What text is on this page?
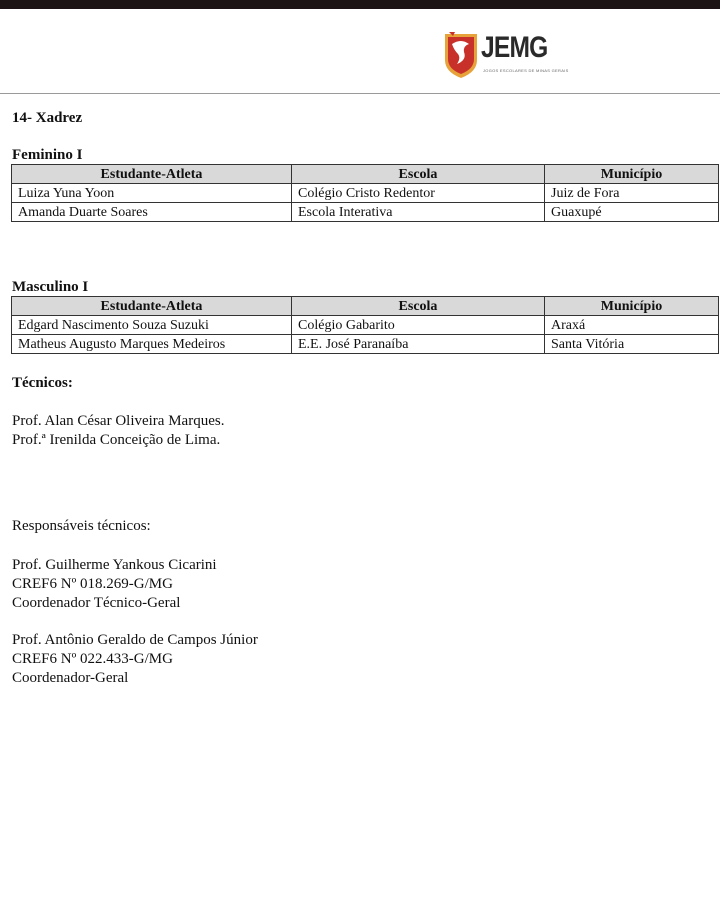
JEMG
JOGOS ESCOLARES DE MINAS GERAIS
14- Xadrez
Feminino I
Estudante-Atleta	Escola	Município
Luiza Yuna Yoon	Colégio Cristo Redentor	Juiz de Fora
Amanda Duarte Soares	Escola Interativa	Guaxupé
Masculino I
Estudante-Atleta	Escola	Município
Edgard Nascimento Souza Suzuki	Colégio Gabarito	Araxá
Matheus Augusto Marques Medeiros	E.E. José Paranaíba	Santa Vitória
Técnicos:
Prof. Alan César Oliveira Marques.
Prof.ª Irenilda Conceição de Lima.
Responsáveis técnicos:
Prof. Guilherme Yankous Cicarini
CREF6 Nº 018.269-G/MG
Coordenador Técnico-Geral
Prof. Antônio Geraldo de Campos Júnior
CREF6 Nº 022.433-G/MG
Coordenador-Geral
